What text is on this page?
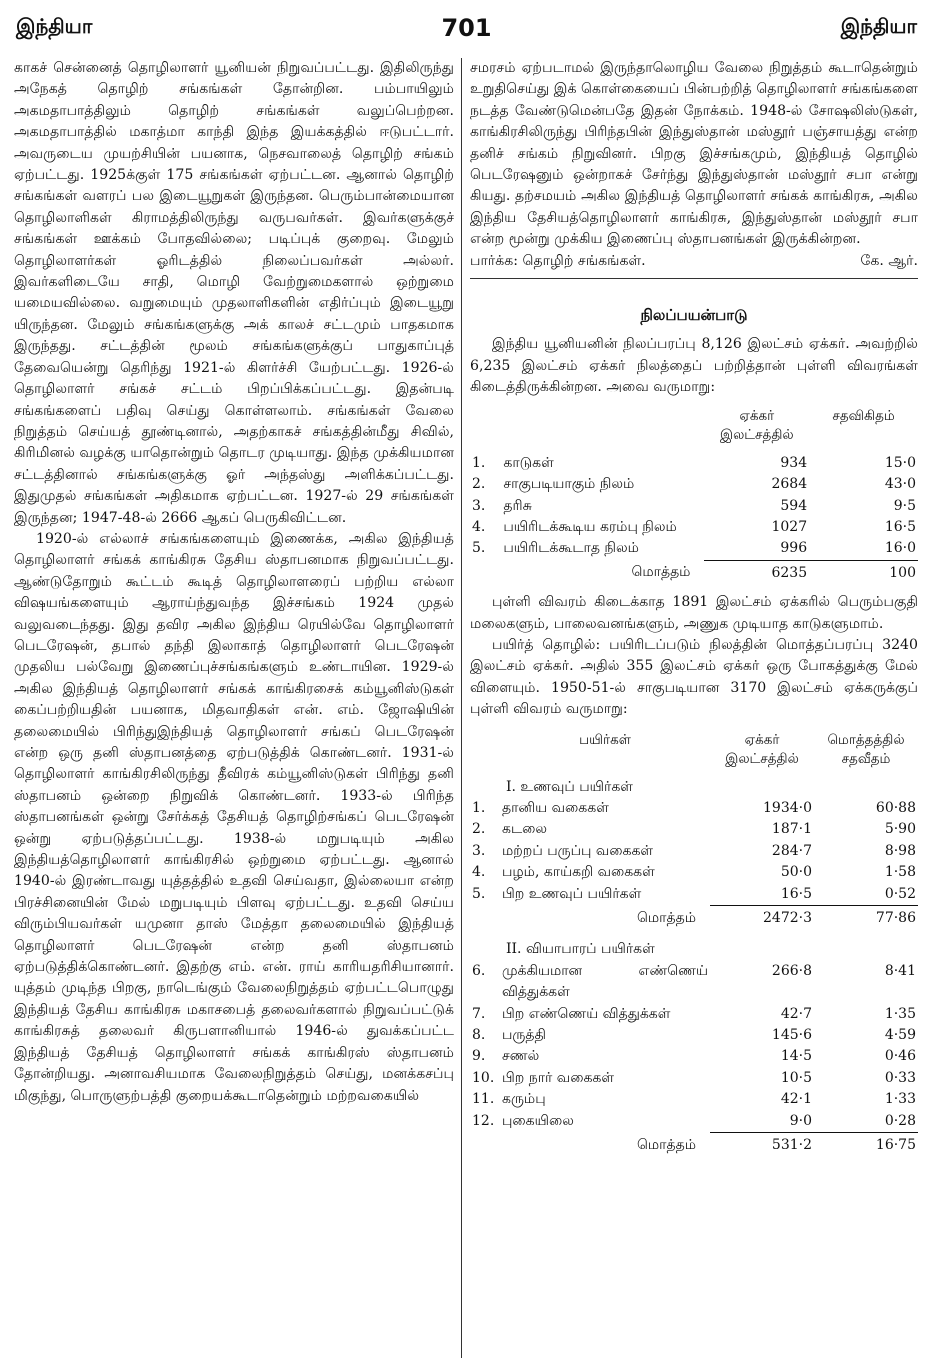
இந்தியா	701	இந்தியா

காகச் சென்னைத் தொழிலாளர் யூனியன் நிறுவப்பட்டது. இதிலிருந்து அநேகத் தொழிற் சங்கங்கள் தோன்றின. பம்பாயிலும் அகமதாபாத்திலும் தொழிற் சங்கங்கள் வலுப்பெற்றன. அகமதாபாத்தில் மகாத்மா காந்தி இந்த இயக்கத்தில் ஈடுபட்டார். அவருடைய முயற்சியின் பயனாக, நெசவாலைத் தொழிற் சங்கம் ஏற்பட்டது. 1925க்குள் 175 சங்கங்கள் ஏற்பட்டன. ஆனால் தொழிற் சங்கங்கள் வளரப் பல இடையூறுகள் இருந்தன. பெரும்பான்மையான தொழிலாளிகள் கிராமத்திலிருந்து வருபவர்கள். இவர்களுக்குச் சங்கங்கள் ஊக்கம் போதவில்லை; படிப்புக் குறைவு. மேலும் தொழிலாளர்கள் ஓரிடத்தில் நிலைப்பவர்கள் அல்லர். இவர்களிடையே சாதி, மொழி வேற்றுமைகளால் ஒற்றுமை யமையவில்லை. வறுமையும் முதலாளிகளின் எதிர்ப்பும் இடையூறு யிருந்தன. மேலும் சங்கங்களுக்கு அக் காலச் சட்டமும் பாதகமாக இருந்தது. சட்டத்தின் மூலம் சங்கங்களுக்குப் பாதுகாப்புத் தேவையென்று தெரிந்து 1921-ல் கிளர்ச்சி யேற்பட்டது. 1926-ல் தொழிலாளர் சங்கச் சட்டம் பிறப்பிக்கப்பட்டது. இதன்படி சங்கங்களைப் பதிவு செய்து கொள்ளலாம். சங்கங்கள் வேலை நிறுத்தம் செய்யத் தூண்டினால், அதற்காகச் சங்கத்தின்மீது சிவில், கிரிமினல் வழக்கு யாதொன்றும் தொடர முடியாது. இந்த முக்கியமான சட்டத்தினால் சங்கங்களுக்கு ஓர் அந்தஸ்து அளிக்கப்பட்டது. இதுமுதல் சங்கங்கள் அதிகமாக ஏற்பட்டன. 1927-ல் 29 சங்கங்கள் இருந்தன; 1947-48-ல் 2666 ஆகப் பெருகிவிட்டன.

1920-ல் எல்லாச் சங்கங்களையும் இணைக்க, அகில இந்தியத் தொழிலாளர் சங்கக் காங்கிரசு தேசிய ஸ்தாபனமாக நிறுவப்பட்டது. ஆண்டுதோறும் கூட்டம் கூடித் தொழிலாளரைப் பற்றிய எல்லா விஷயங்களையும் ஆராய்ந்துவந்த இச்சங்கம் 1924 முதல் வலுவடைந்தது. இது தவிர அகில இந்திய ரெயில்வே தொழிலாளர் பெடரேஷன், தபால் தந்தி இலாகாத் தொழிலாளர் பெடரேஷன் முதலிய பல்வேறு இணைப்புச்சங்கங்களும் உண்டாயின. 1929-ல் அகில இந்தியத் தொழிலாளர் சங்கக் காங்கிரசைக் கம்யூனிஸ்டுகள் கைப்பற்றியதின் பயனாக, மிதவாதிகள் என். எம். ஜோஷியின் தலைமையில் பிரிந்துஇந்தியத் தொழிலாளர் சங்கப் பெடரேஷன் என்ற ஒரு தனி ஸ்தாபனத்தை ஏற்படுத்திக் கொண்டனர். 1931-ல் தொழிலாளர் காங்கிரசிலிருந்து தீவிரக் கம்யூனிஸ்டுகள் பிரிந்து தனி ஸ்தாபனம் ஒன்றை நிறுவிக் கொண்டனர். 1933-ல் பிரிந்த ஸ்தாபனங்கள் ஒன்று சேர்க்கத் தேசியத் தொழிற்சங்கப் பெடரேஷன் ஒன்று ஏற்படுத்தப்பட்டது. 1938-ல் மறுபடியும் அகில இந்தியத்தொழிலாளர் காங்கிரசில் ஒற்றுமை ஏற்பட்டது. ஆனால் 1940-ல் இரண்டாவது யுத்தத்தில் உதவி செய்வதா, இல்லையா என்ற பிரச்சினையின் மேல் மறுபடியும் பிளவு ஏற்பட்டது. உதவி செய்ய விரும்பியவர்கள் யமுனா தாஸ் மேத்தா தலைமையில் இந்தியத் தொழிலாளர் பெடரேஷன் என்ற தனி ஸ்தாபனம் ஏற்படுத்திக்கொண்டனர். இதற்கு எம். என். ராய் காரியதரிசியானார். யுத்தம் முடிந்த பிறகு, நாடெங்கும் வேலைநிறுத்தம் ஏற்பட்டபொழுது இந்தியத் தேசிய காங்கிரசு மகாசபைத் தலைவர்களால் நிறுவப்பட்டுக் காங்கிரசுத் தலைவர் கிருபளானியால் 1946-ல் துவக்கப்பட்ட இந்தியத் தேசியத் தொழிலாளர் சங்கக் காங்கிரஸ் ஸ்தாபனம் தோன்றியது. அனாவசியமாக வேலைநிறுத்தம் செய்து, மனக்கசப்பு மிகுந்து, பொருளுற்பத்தி குறையக்கூடாதென்றும் மற்றவகையில்

சமரசம் ஏற்படாமல் இருந்தாலொழிய வேலை நிறுத்தம் கூடாதென்றும் உறுதிசெய்து இக் கொள்கையைப் பின்பற்றித் தொழிலாளர் சங்கங்களை நடத்த வேண்டுமென்பதே இதன் நோக்கம். 1948-ல் சோஷலிஸ்டுகள், காங்கிரசிலிருந்து பிரிந்தபின் இந்துஸ்தான் மஸ்தூர் பஞ்சாயத்து என்ற தனிச் சங்கம் நிறுவினர். பிறகு இச்சங்கமும், இந்தியத் தொழில் பெடரேஷனும் ஒன்றாகச் சேர்ந்து இந்துஸ்தான் மஸ்தூர் சபா என்று கியது. தற்சமயம் அகில இந்தியத் தொழிலாளர் சங்கக் காங்கிரசு, அகில இந்திய தேசியத்தொழிலாளர் காங்கிரசு, இந்துஸ்தான் மஸ்தூர் சபா என்ற மூன்று முக்கிய இணைப்பு ஸ்தாபனங்கள் இருக்கின்றன.

பார்க்க: தொழிற் சங்கங்கள்.	கே. ஆர்.

நிலப்பயன்பாடு

இந்திய யூனியனின் நிலப்பரப்பு 8,126 இலட்சம் ஏக்கர். அவற்றில் 6,235 இலட்சம் ஏக்கர் நிலத்தைப் பற்றித்தான் புள்ளி விவரங்கள் கிடைத்திருக்கின்றன. அவை வருமாறு:

		ஏக்கர் இலட்சத்தில்	சதவிகிதம்
1.	காடுகள்	934	15·0
2.	சாகுபடியாகும் நிலம்	2684	43·0
3.	தரிசு	594	9·5
4.	பயிரிடக்கூடிய கரம்பு நிலம்	1027	16·5
5.	பயிரிடக்கூடாத நிலம்	996	16·0
	மொத்தம்	6235	100

புள்ளி விவரம் கிடைக்காத 1891 இலட்சம் ஏக்கரில் பெரும்பகுதி மலைகளும், பாலைவனங்களும், அணுக முடியாத காடுகளுமாம்.

பயிர்த் தொழில்: பயிரிடப்படும் நிலத்தின் மொத்தப்பரப்பு 3240 இலட்சம் ஏக்கர். அதில் 355 இலட்சம் ஏக்கர் ஒரு போகத்துக்கு மேல் விளையும். 1950-51-ல் சாகுபடியான 3170 இலட்சம் ஏக்கருக்குப் புள்ளி விவரம் வருமாறு:

	பயிர்கள்	ஏக்கர் இலட்சத்தில்	மொத்தத்தில் சதவீதம்
I. உணவுப் பயிர்கள்			
1.	தானிய வகைகள்	1934·0	60·88
2.	கடலை	187·1	5·90
3.	மற்றப் பருப்பு வகைகள்	284·7	8·98
4.	பழம், காய்கறி வகைகள்	50·0	1·58
5.	பிற உணவுப் பயிர்கள்	16·5	0·52
	மொத்தம்	2472·3	77·86
II. வியாபாரப் பயிர்கள்			
6.	முக்கியமான எண்ணெய் வித்துக்கள்	266·8	8·41
7.	பிற எண்ணெய் வித்துக்கள்	42·7	1·35
8.	பருத்தி	145·6	4·59
9.	சணல்	14·5	0·46
10.	பிற நார் வகைகள்	10·5	0·33
11.	கரும்பு	42·1	1·33
12.	புகையிலை	9·0	0·28
	மொத்தம்	531·2	16·75
